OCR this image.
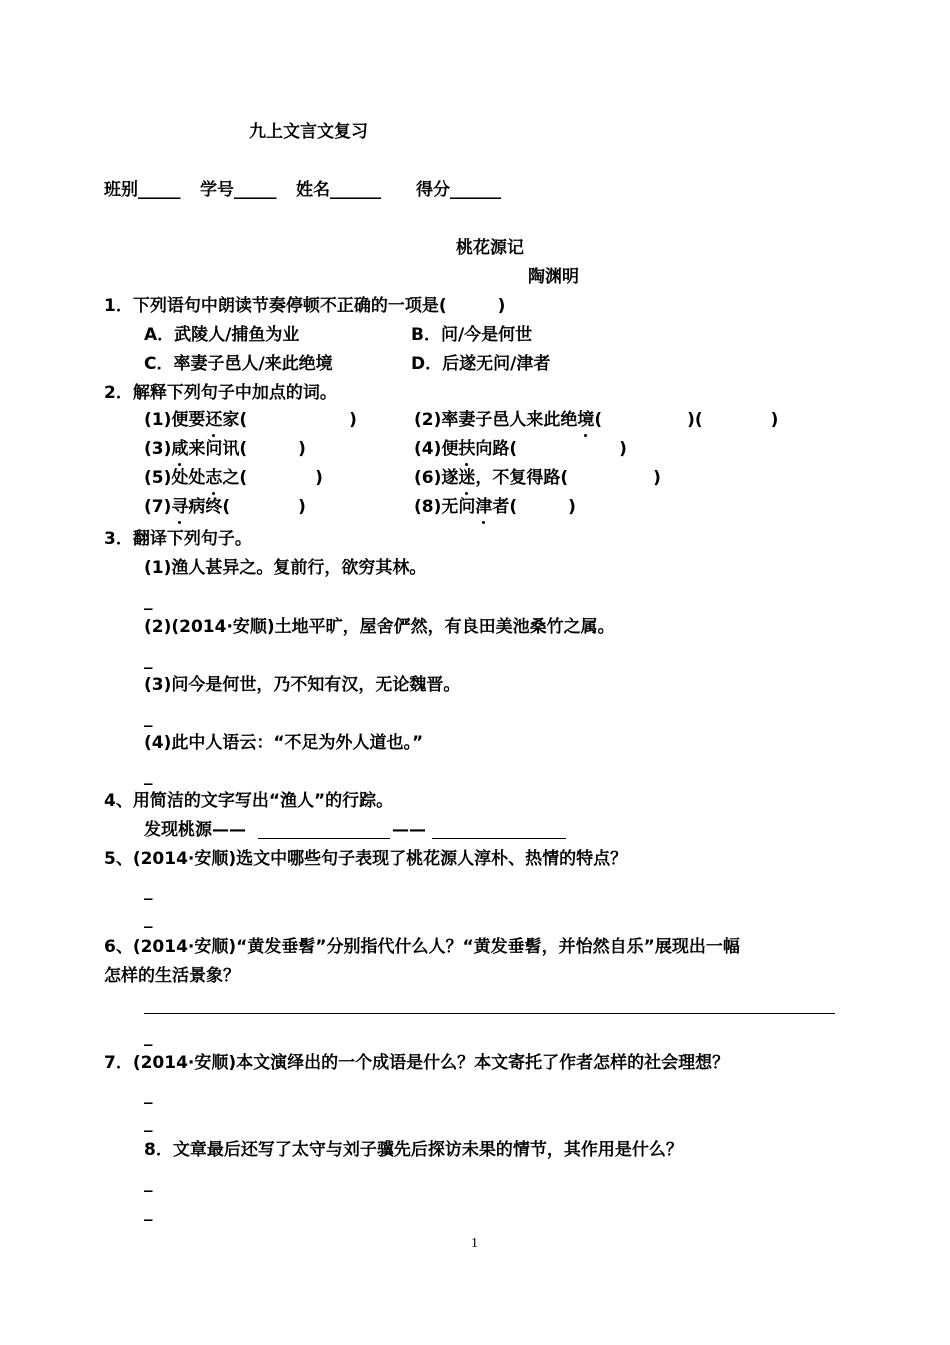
九上文言文复习
班别_____ 学号_____ 姓名______ 得分______
桃花源记
陶渊明
1．下列语句中朗读节奏停顿不正确的一项是(　　　)
A．武陵人/捕鱼为业	B．问/今是何世
C．率妻子邑人/来此绝境	D．后遂无问/津者
2．解释下列句子中加点的词。
(1)便要还家(　　　　　　)	(2)率妻子邑人来此绝境(　　　　　)(　　　　)
(3)咸来问讯(　　　)	(4)便扶向路(　　　　　　)
(5)处处志之(　　　　)	(6)遂迷，不复得路(　　　　　)
(7)寻病终(　　　　)	(8)无问津者(　　　)
3．翻译下列句子。
(1)渔人甚异之。复前行，欲穷其林。
_
(2)(2014·安顺)土地平旷，屋舍俨然，有良田美池桑竹之属。
_
(3)问今是何世，乃不知有汉，无论魏晋。
_
(4)此中人语云：“不足为外人道也。”
_
4、用简洁的文字写出“渔人”的行踪。
发现桃源——	——
5、(2014·安顺)选文中哪些句子表现了桃花源人淳朴、热情的特点？
_
_
6、(2014·安顺)“黄发垂髫”分别指代什么人？“黄发垂髫，并怡然自乐”展现出一幅
怎样的生活景象？
_
7．(2014·安顺)本文演绎出的一个成语是什么？本文寄托了作者怎样的社会理想？
_
_
8．文章最后还写了太守与刘子骥先后探访未果的情节，其作用是什么？
_
_
1
